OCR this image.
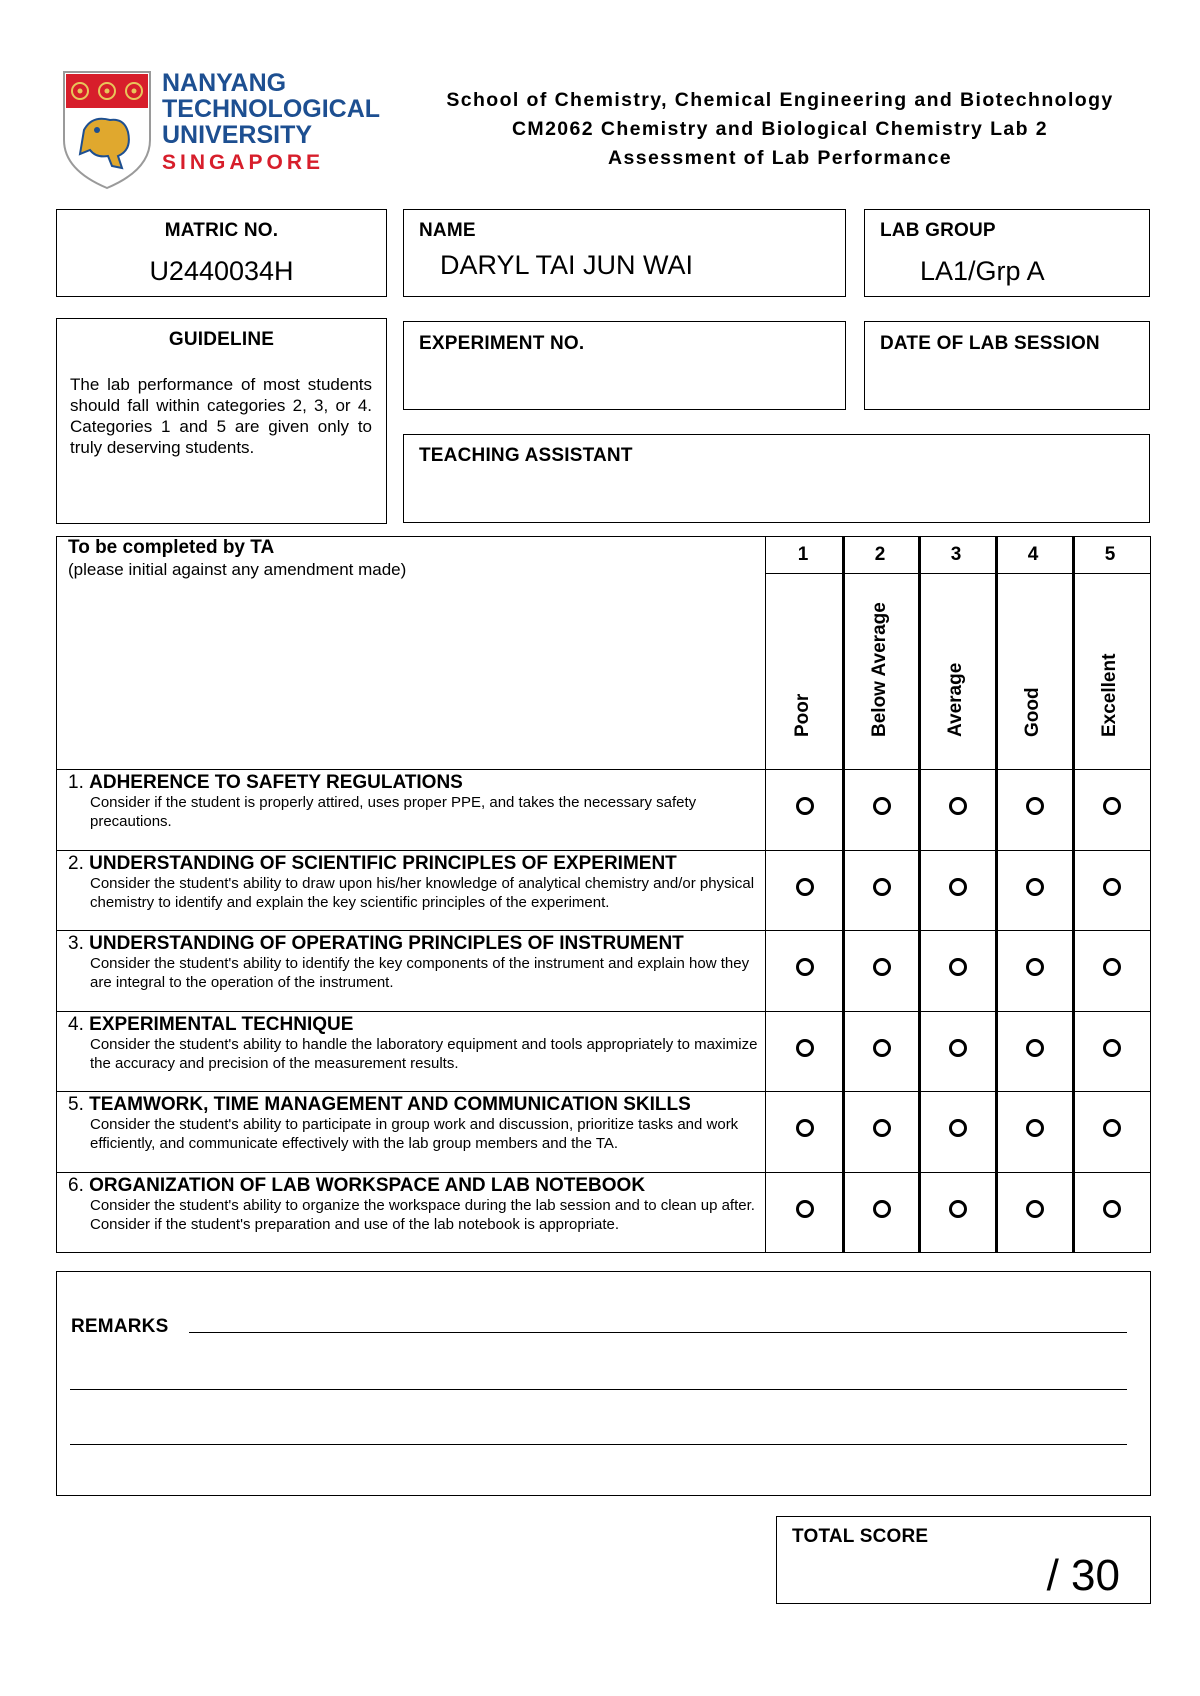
NANYANG
TECHNOLOGICAL
UNIVERSITY
SINGAPORE
School of Chemistry, Chemical Engineering and Biotechnology
CM2062 Chemistry and Biological Chemistry Lab 2
Assessment of Lab Performance
MATRIC NO.
U2440034H
NAME
DARYL TAI JUN WAI
LAB GROUP
LA1/Grp A
GUIDELINE
The lab performance of most students should fall within categories 2, 3, or 4. Categories 1 and 5 are given only to truly deserving students.
EXPERIMENT NO.	DATE OF LAB SESSION
TEACHING ASSISTANT
To be completed by TA
(please initial against any amendment made)
1
Poor
2
Below Average
3
Average
4
Good
5
Excellent
1. ADHERENCE TO SAFETY REGULATIONS
Consider if the student is properly attired, uses proper PPE, and takes the necessary safety precautions.
2. UNDERSTANDING OF SCIENTIFIC PRINCIPLES OF EXPERIMENT
Consider the student's ability to draw upon his/her knowledge of analytical chemistry and/or physical chemistry to identify and explain the key scientific principles of the experiment.
3. UNDERSTANDING OF OPERATING PRINCIPLES OF INSTRUMENT
Consider the student's ability to identify the key components of the instrument and explain how they are integral to the operation of the instrument.
4. EXPERIMENTAL TECHNIQUE
Consider the student's ability to handle the laboratory equipment and tools appropriately to maximize the accuracy and precision of the measurement results.
5. TEAMWORK, TIME MANAGEMENT AND COMMUNICATION SKILLS
Consider the student's ability to participate in group work and discussion, prioritize tasks and work efficiently, and communicate effectively with the lab group members and the TA.
6. ORGANIZATION OF LAB WORKSPACE AND LAB NOTEBOOK
Consider the student's ability to organize the workspace during the lab session and to clean up after. Consider if the student's preparation and use of the lab notebook is appropriate.
REMARKS
TOTAL SCORE
/ 30
